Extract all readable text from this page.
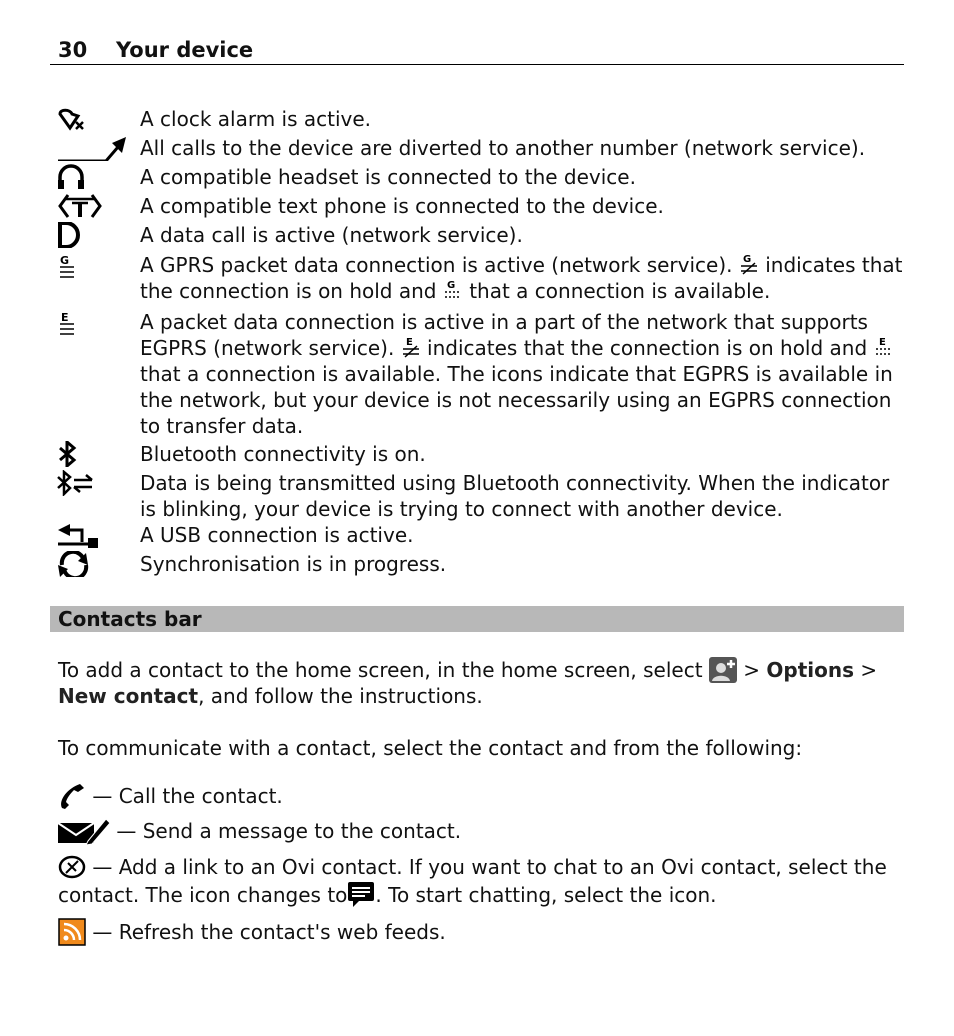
30 Your device
A clock alarm is active.
All calls to the device are diverted to another number (network service).
A compatible headset is connected to the device.
A compatible text phone is connected to the device.
A data call is active (network service).
G	A GPRS packet data connection is active (network service). G indicates that the connection is on hold and G that a connection is available.
E	A packet data connection is active in a part of the network that supports EGPRS (network service). E indicates that the connection is on hold and E
that a connection is available. The icons indicate that EGPRS is available in the network, but your device is not necessarily using an EGPRS connection to transfer data.
Bluetooth connectivity is on.
Data is being transmitted using Bluetooth connectivity. When the indicator is blinking, your device is trying to connect with another device.
A USB connection is active.
Synchronisation is in progress.
Contacts bar
To add a contact to the home screen, in the home screen, select > Options >
New contact, and follow the instructions.
To communicate with a contact, select the contact and from the following:
— Call the contact.
— Send a message to the contact.
— Add a link to an Ovi contact. If you want to chat to an Ovi contact, select the contact. The icon changes to . To start chatting, select the icon.
— Refresh the contact's web feeds.
